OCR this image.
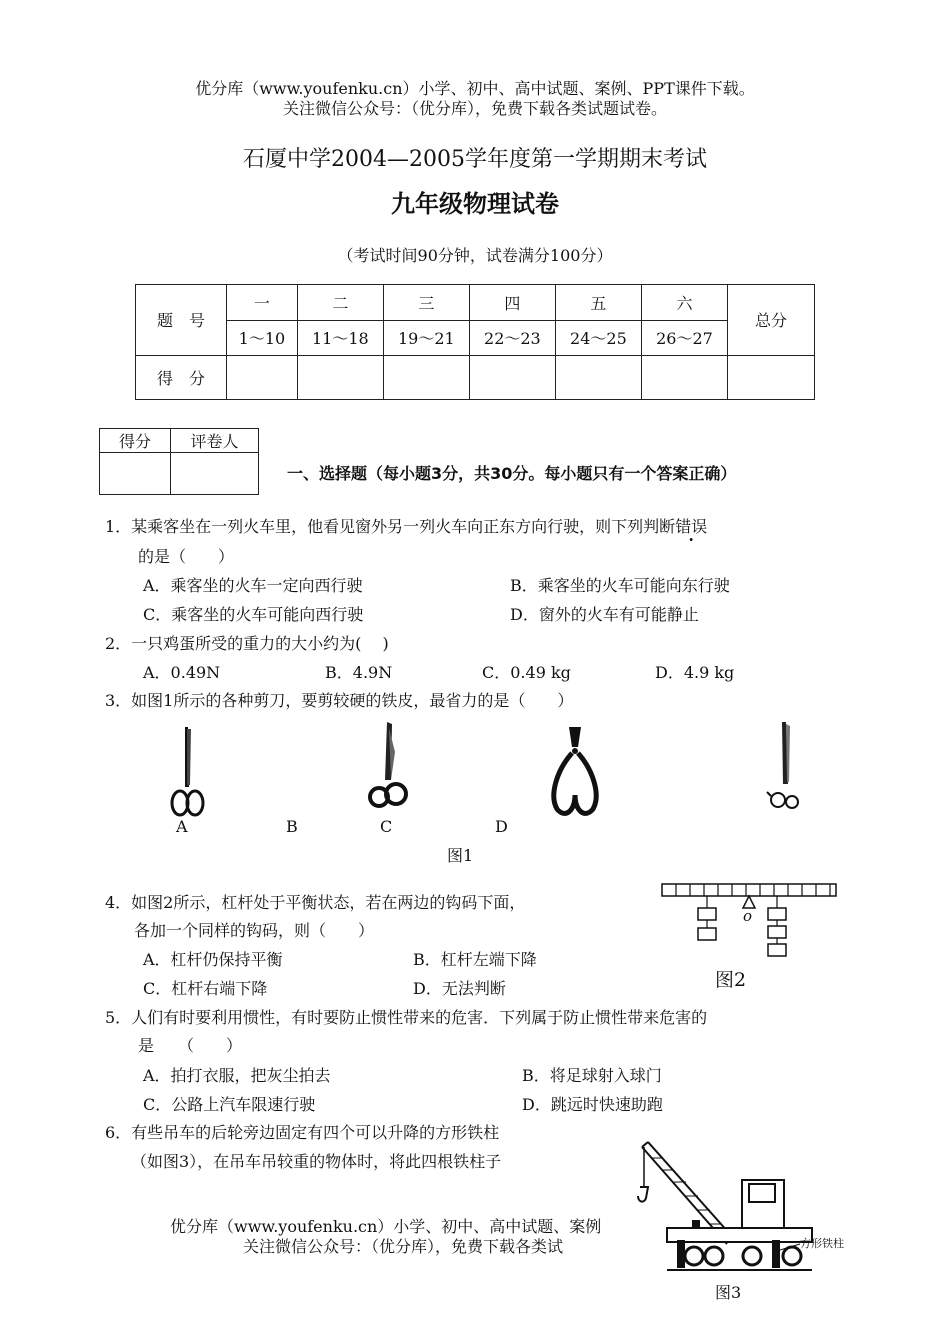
优分库（www.youfenku.cn）小学、初中、高中试题、案例、PPT课件下载。
关注微信公众号：（优分库），免费下载各类试题试卷。
石厦中学2004—2005学年度第一学期期末考试
九年级物理试卷
（考试时间90分钟，试卷满分100分）
题　号	一	二	三	四	五	六	总分
	1～10	11～18	19～21	22～23	24～25	26～27	
得　分							
得分	评卷人

一、选择题（每小题3分，共30分。每小题只有一个答案正确）
1．某乘客坐在一列火车里，他看见窗外另一列火车向正东方向行驶，则下列判断错误
的是（　　）
A．乘客坐的火车一定向西行驶	B．乘客坐的火车可能向东行驶
C．乘客坐的火车可能向西行驶	D．窗外的火车有可能静止
2．一只鸡蛋所受的重力的大小约为(　 )
A．0.49N	B．4.9N	C．0.49 kg	D．4.9 kg
3．如图1所示的各种剪刀，要剪较硬的铁皮，最省力的是（　　）
A	B	C	D
图1
4．如图2所示，杠杆处于平衡状态，若在两边的钩码下面，
各加一个同样的钩码，则（　　）
A．杠杆仍保持平衡	B．杠杆左端下降
C．杠杆右端下降	D．无法判断
o
图2
5．人们有时要利用惯性，有时要防止惯性带来的危害．下列属于防止惯性带来危害的
是　　（　　）
A．拍打衣服，把灰尘拍去	B．将足球射入球门
C．公路上汽车限速行驶	D．跳远时快速助跑
6．有些吊车的后轮旁边固定有四个可以升降的方形铁柱
（如图3），在吊车吊较重的物体时，将此四根铁柱子
优分库（www.youfenku.cn）小学、初中、高中试题、案例
关注微信公众号：（优分库），免费下载各类试	方形铁柱
图3
